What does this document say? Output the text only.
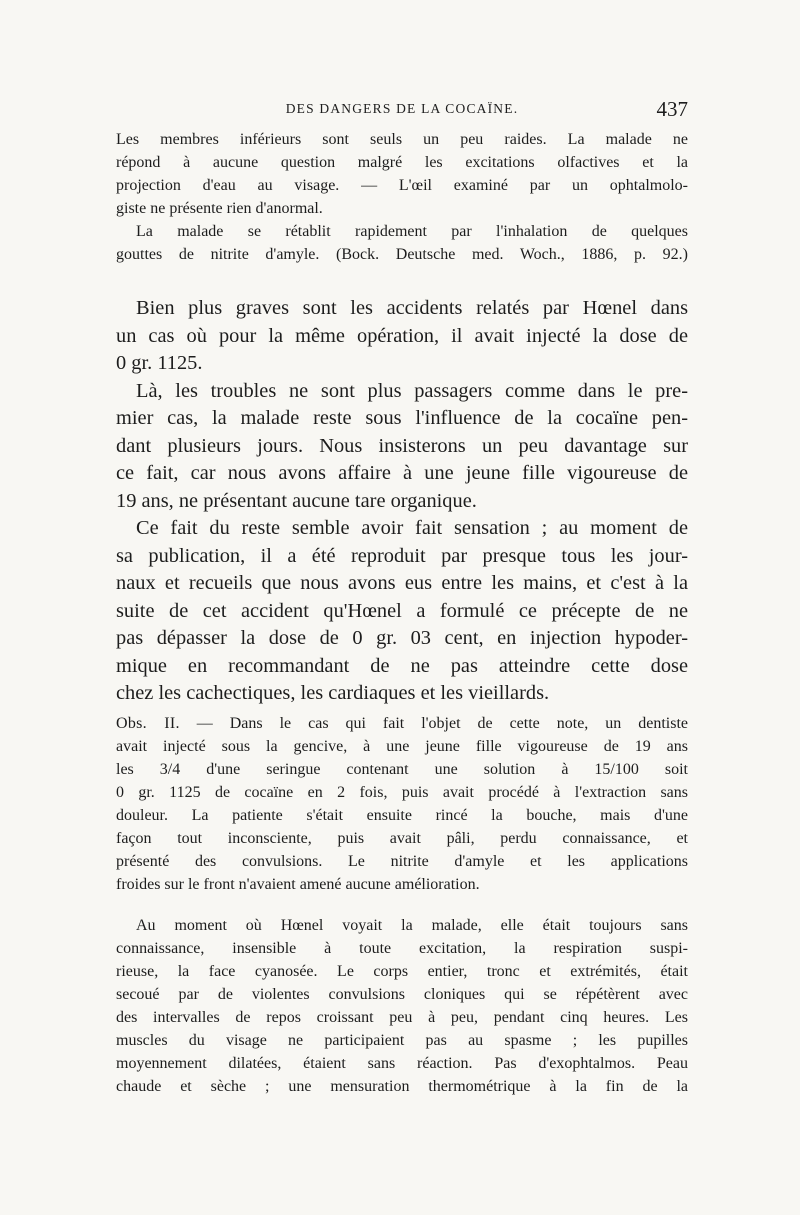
DES DANGERS DE LA COCAÏNE.	437
Les membres inférieurs sont seuls un peu raides. La malade ne
répond à aucune question malgré les excitations olfactives et la
projection d'eau au visage. — L'œil examiné par un ophtalmolo-
giste ne présente rien d'anormal.
La malade se rétablit rapidement par l'inhalation de quelques
gouttes de nitrite d'amyle. (Bock. Deutsche med. Woch., 1886, p. 92.)
Bien plus graves sont les accidents relatés par Hœnel dans
un cas où pour la même opération, il avait injecté la dose de
0 gr. 1125.
Là, les troubles ne sont plus passagers comme dans le pre-
mier cas, la malade reste sous l'influence de la cocaïne pen-
dant plusieurs jours. Nous insisterons un peu davantage sur
ce fait, car nous avons affaire à une jeune fille vigoureuse de
19 ans, ne présentant aucune tare organique.
Ce fait du reste semble avoir fait sensation ; au moment de
sa publication, il a été reproduit par presque tous les jour-
naux et recueils que nous avons eus entre les mains, et c'est à la
suite de cet accident qu'Hœnel a formulé ce précepte de ne
pas dépasser la dose de 0 gr. 03 cent, en injection hypoder-
mique en recommandant de ne pas atteindre cette dose
chez les cachectiques, les cardiaques et les vieillards.
Obs. II. — Dans le cas qui fait l'objet de cette note, un dentiste
avait injecté sous la gencive, à une jeune fille vigoureuse de 19 ans
les 3/4 d'une seringue contenant une solution à 15/100 soit
0 gr. 1125 de cocaïne en 2 fois, puis avait procédé à l'extraction sans
douleur. La patiente s'était ensuite rincé la bouche, mais d'une
façon tout inconsciente, puis avait pâli, perdu connaissance, et
présenté des convulsions. Le nitrite d'amyle et les applications
froides sur le front n'avaient amené aucune amélioration.
Au moment où Hœnel voyait la malade, elle était toujours sans
connaissance, insensible à toute excitation, la respiration suspi-
rieuse, la face cyanosée. Le corps entier, tronc et extrémités, était
secoué par de violentes convulsions cloniques qui se répétèrent avec
des intervalles de repos croissant peu à peu, pendant cinq heures. Les
muscles du visage ne participaient pas au spasme ; les pupilles
moyennement dilatées, étaient sans réaction. Pas d'exophtalmos. Peau
chaude et sèche ; une mensuration thermométrique à la fin de la
